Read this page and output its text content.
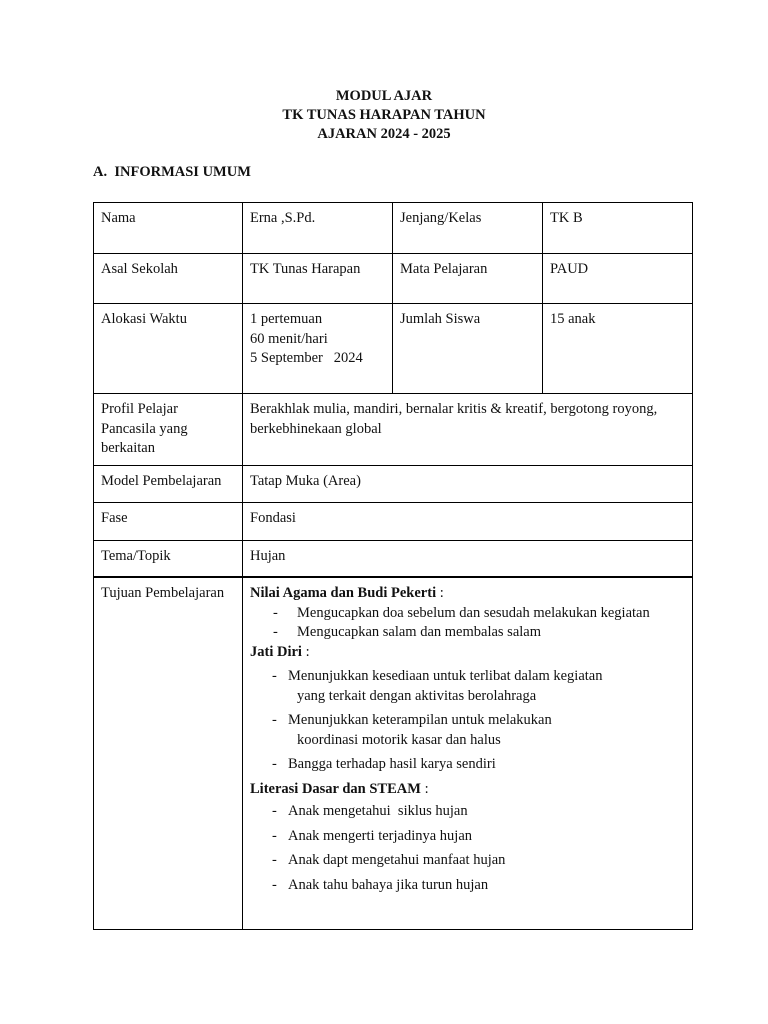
MODUL AJAR
TK TUNAS HARAPAN TAHUN
AJARAN 2024 - 2025
A. INFORMASI UMUM
Nama	Erna ,S.Pd.	Jenjang/Kelas	TK B
Asal Sekolah	TK Tunas Harapan	Mata Pelajaran	PAUD
Alokasi Waktu	1 pertemuan
60 menit/hari
5 September   2024	Jumlah Siswa	15 anak

Profil Pelajar
Pancasila yang
berkaitan	Berakhlak mulia, mandiri, bernalar kritis & kreatif, bergotong royong, berkebhinekaan global		
Model Pembelajaran	Tatap Muka (Area)		
Fase	Fondasi		
Tema/Topik	Hujan		
Tujuan Pembelajaran	Nilai Agama dan Budi Pekerti :
- Mengucapkan doa sebelum dan sesudah melakukan kegiatan
- Mengucapkan salam dan membalas salam
Jati Diri :
- Menunjukkan kesediaan untuk terlibat dalam kegiatan
yang terkait dengan aktivitas berolahraga
- Menunjukkan keterampilan untuk melakukan
koordinasi motorik kasar dan halus
- Bangga terhadap hasil karya sendiri
Literasi Dasar dan STEAM :
- Anak mengetahui  siklus hujan
- Anak mengerti terjadinya hujan
- Anak dapt mengetahui manfaat hujan
- Anak tahu bahaya jika turun hujan
